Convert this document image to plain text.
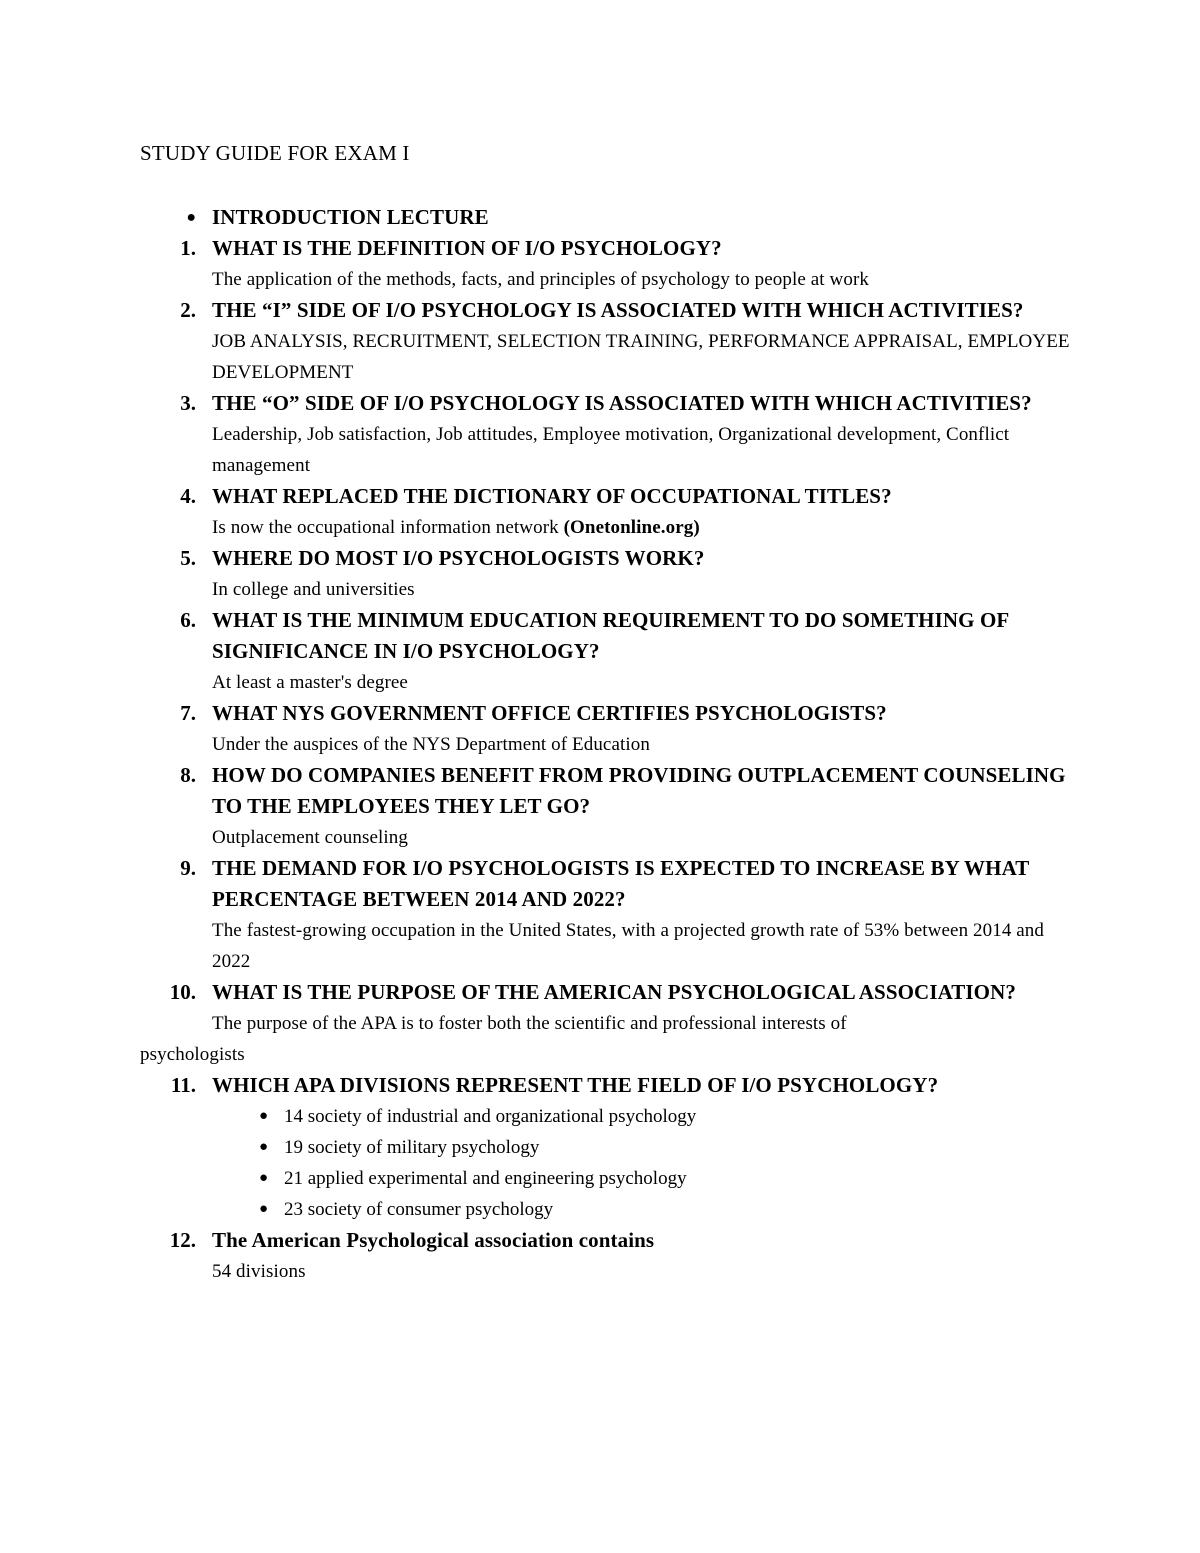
STUDY GUIDE FOR EXAM I
● INTRODUCTION LECTURE
1. WHAT IS THE DEFINITION OF I/O PSYCHOLOGY?
The application of the methods, facts, and principles of psychology to people at work
2. THE “I” SIDE OF I/O PSYCHOLOGY IS ASSOCIATED WITH WHICH ACTIVITIES?
JOB ANALYSIS, RECRUITMENT, SELECTION TRAINING, PERFORMANCE APPRAISAL, EMPLOYEE DEVELOPMENT
3. THE “O” SIDE OF I/O PSYCHOLOGY IS ASSOCIATED WITH WHICH ACTIVITIES?
Leadership, Job satisfaction, Job attitudes, Employee motivation, Organizational development, Conflict management
4. WHAT REPLACED THE DICTIONARY OF OCCUPATIONAL TITLES?
Is now the occupational information network (Onetonline.org)
5. WHERE DO MOST I/O PSYCHOLOGISTS WORK?
In college and universities
6. WHAT IS THE MINIMUM EDUCATION REQUIREMENT TO DO SOMETHING OF SIGNIFICANCE IN I/O PSYCHOLOGY?
At least a master's degree
7. WHAT NYS GOVERNMENT OFFICE CERTIFIES PSYCHOLOGISTS?
Under the auspices of the NYS Department of Education
8. HOW DO COMPANIES BENEFIT FROM PROVIDING OUTPLACEMENT COUNSELING TO THE EMPLOYEES THEY LET GO?
Outplacement counseling
9. THE DEMAND FOR I/O PSYCHOLOGISTS IS EXPECTED TO INCREASE BY WHAT PERCENTAGE BETWEEN 2014 AND 2022?
The fastest-growing occupation in the United States, with a projected growth rate of 53% between 2014 and 2022
10. WHAT IS THE PURPOSE OF THE AMERICAN PSYCHOLOGICAL ASSOCIATION?
The purpose of the APA is to foster both the scientific and professional interests of
psychologists
11. WHICH APA DIVISIONS REPRESENT THE FIELD OF I/O PSYCHOLOGY?
● 14 society of industrial and organizational psychology
● 19 society of military psychology
● 21 applied experimental and engineering psychology
● 23 society of consumer psychology
12. The American Psychological association contains
54 divisions
